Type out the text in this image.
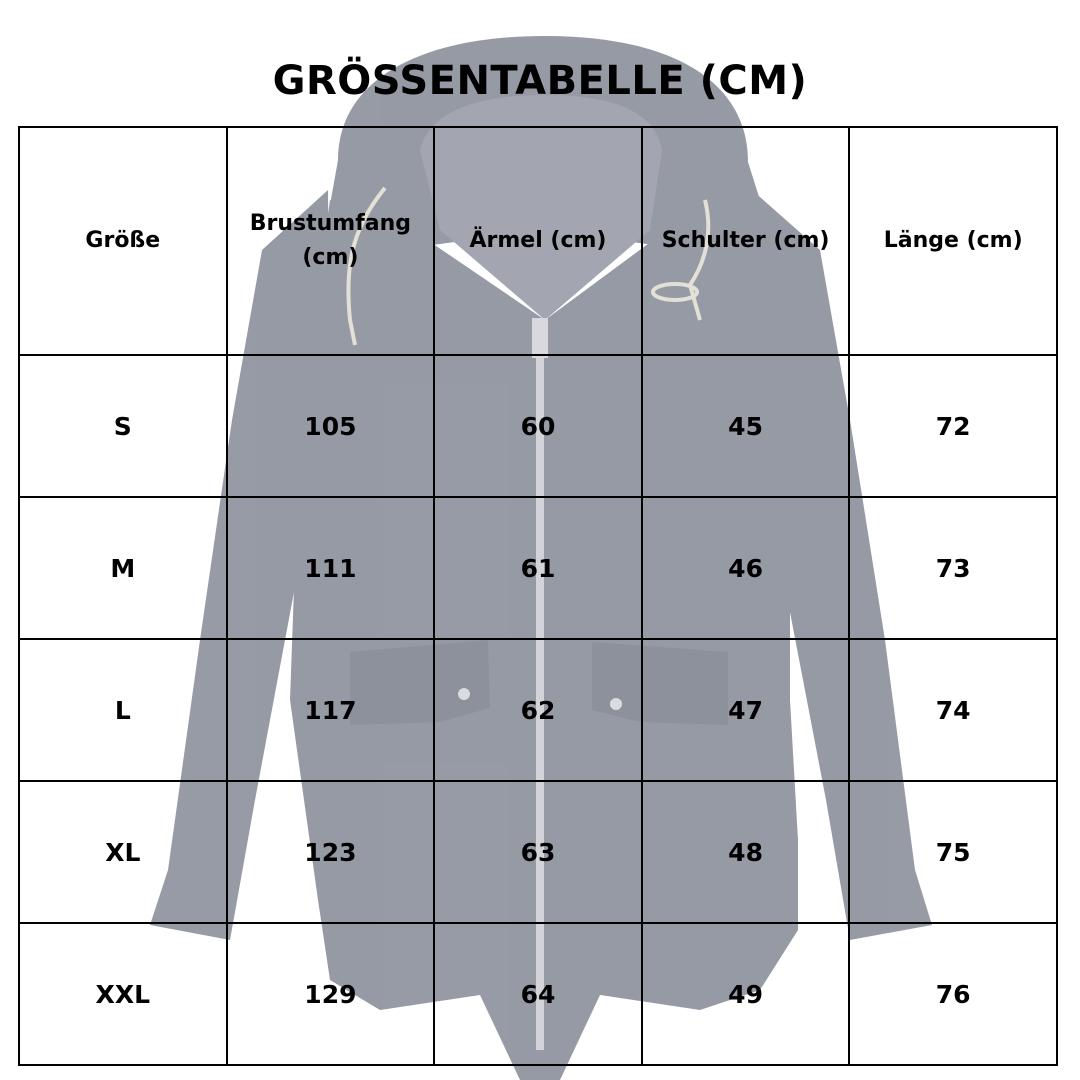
GRÖSSENTABELLE (CM)
Größe	Brustumfang (cm)	Ärmel (cm)	Schulter (cm)	Länge (cm)
S	105	60	45	72
M	111	61	46	73
L	117	62	47	74
XL	123	63	48	75
XXL	129	64	49	76
